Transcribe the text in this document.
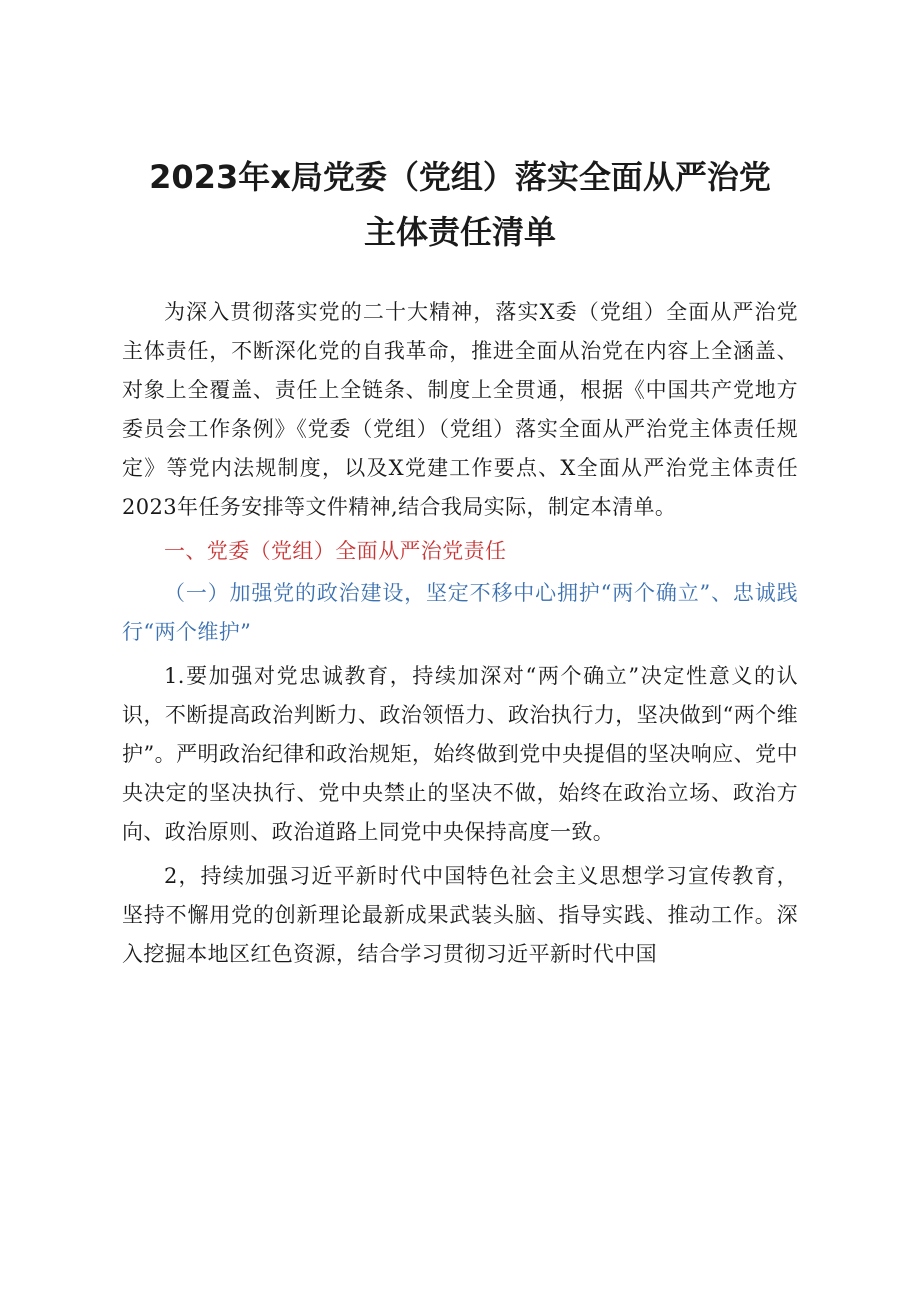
2023年x局党委（党组）落实全面从严治党
主体责任清单

为深入贯彻落实党的二十大精神，落实X委（党组）全面从严治党主体责任，不断深化党的自我革命，推进全面从治党在内容上全涵盖、对象上全覆盖、责任上全链条、制度上全贯通，根据《中国共产党地方委员会工作条例》《党委（党组）（党组）落实全面从严治党主体责任规定》等党内法规制度，以及X党建工作要点、X全面从严治党主体责任2023年任务安排等文件精神,结合我局实际，制定本清单。

一、党委（党组）全面从严治党责任

（一）加强党的政治建设，坚定不移中心拥护“两个确立”、忠诚践行“两个维护”

1.要加强对党忠诚教育，持续加深对“两个确立”决定性意义的认识，不断提高政治判断力、政治领悟力、政治执行力，坚决做到“两个维护”。严明政治纪律和政治规矩，始终做到党中央提倡的坚决响应、党中央决定的坚决执行、党中央禁止的坚决不做，始终在政治立场、政治方向、政治原则、政治道路上同党中央保持高度一致。

2，持续加强习近平新时代中国特色社会主义思想学习宣传教育，坚持不懈用党的创新理论最新成果武装头脑、指导实践、推动工作。深入挖掘本地区红色资源，结合学习贯彻习近平新时代中国
